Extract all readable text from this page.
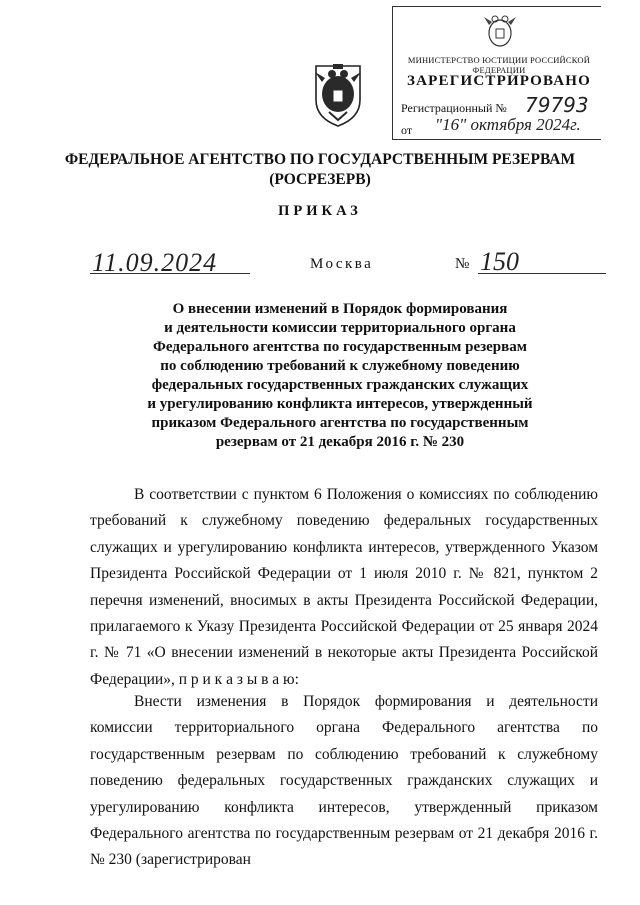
МИНИСТЕРСТВО ЮСТИЦИИ РОССИЙСКОЙ ФЕДЕРАЦИИ
ЗАРЕГИСТРИРОВАНО
Регистрационный № 79793
от "16" октября 2024г.
ФЕДЕРАЛЬНОЕ АГЕНТСТВО ПО ГОСУДАРСТВЕННЫМ РЕЗЕРВАМ
(РОСРЕЗЕРВ)
ПРИКАЗ
11.09.2024	Москва	№ 150
О внесении изменений в Порядок формирования
и деятельности комиссии территориального органа
Федерального агентства по государственным резервам
по соблюдению требований к служебному поведению
федеральных государственных гражданских служащих
и урегулированию конфликта интересов, утвержденный
приказом Федерального агентства по государственным
резервам от 21 декабря 2016 г. № 230
В соответствии с пунктом 6 Положения о комиссиях по соблюдению требований к служебному поведению федеральных государственных служащих и урегулированию конфликта интересов, утвержденного Указом Президента Российской Федерации от 1 июля 2010 г. № 821, пунктом 2 перечня изменений, вносимых в акты Президента Российской Федерации, прилагаемого к Указу Президента Российской Федерации от 25 января 2024 г. № 71 «О внесении изменений в некоторые акты Президента Российской Федерации», п р и к а з ы в а ю:
Внести изменения в Порядок формирования и деятельности комиссии территориального органа Федерального агентства по государственным резервам по соблюдению требований к служебному поведению федеральных государственных гражданских служащих и урегулированию конфликта интересов, утвержденный приказом Федерального агентства по государственным резервам от 21 декабря 2016 г. № 230 (зарегистрирован
